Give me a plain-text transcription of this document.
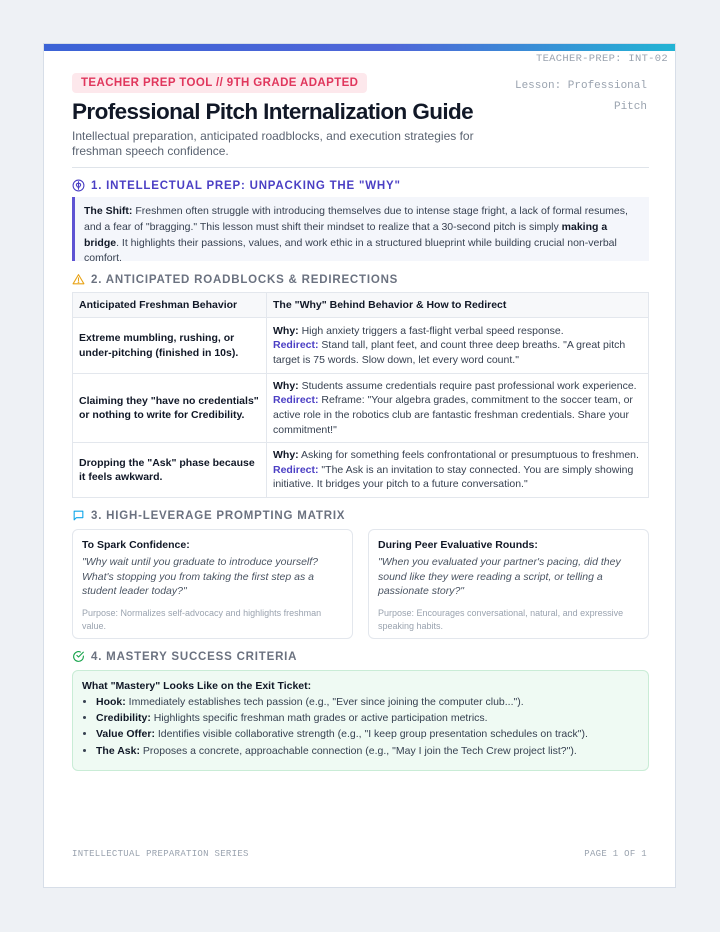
TEACHER-PREP: INT-02
Lesson: Professional
Pitch
TEACHER PREP TOOL // 9TH GRADE ADAPTED
Professional Pitch Internalization Guide
Intellectual preparation, anticipated roadblocks, and execution strategies for freshman speech confidence.
1. INTELLECTUAL PREP: UNPACKING THE "WHY"
The Shift: Freshmen often struggle with introducing themselves due to intense stage fright, a lack of formal resumes, and a fear of "bragging." This lesson must shift their mindset to realize that a 30-second pitch is simply making a bridge. It highlights their passions, values, and work ethic in a structured blueprint while building crucial non-verbal comfort.
2. ANTICIPATED ROADBLOCKS & REDIRECTIONS
Anticipated Freshman Behavior	The "Why" Behind Behavior & How to Redirect
Extreme mumbling, rushing, or under-pitching (finished in 10s).	Why: High anxiety triggers a fast-flight verbal speed response.
Redirect: Stand tall, plant feet, and count three deep breaths. "A great pitch target is 75 words. Slow down, let every word count."
Claiming they "have no credentials" or nothing to write for Credibility.	Why: Students assume credentials require past professional work experience.
Redirect: Reframe: "Your algebra grades, commitment to the soccer team, or active role in the robotics club are fantastic freshman credentials. Share your commitment!"
Dropping the "Ask" phase because it feels awkward.	Why: Asking for something feels confrontational or presumptuous to freshmen.
Redirect: "The Ask is an invitation to stay connected. You are simply showing initiative. It bridges your pitch to a future conversation."
3. HIGH-LEVERAGE PROMPTING MATRIX
To Spark Confidence:
"Why wait until you graduate to introduce yourself? What's stopping you from taking the first step as a student leader today?"
Purpose: Normalizes self-advocacy and highlights freshman value.
During Peer Evaluative Rounds:
"When you evaluated your partner's pacing, did they sound like they were reading a script, or telling a passionate story?"
Purpose: Encourages conversational, natural, and expressive speaking habits.
4. MASTERY SUCCESS CRITERIA
What "Mastery" Looks Like on the Exit Ticket:
• Hook: Immediately establishes tech passion (e.g., "Ever since joining the computer club...").
• Credibility: Highlights specific freshman math grades or active participation metrics.
• Value Offer: Identifies visible collaborative strength (e.g., "I keep group presentation schedules on track").
• The Ask: Proposes a concrete, approachable connection (e.g., "May I join the Tech Crew project list?").
INTELLECTUAL PREPARATION SERIES	PAGE 1 OF 1
